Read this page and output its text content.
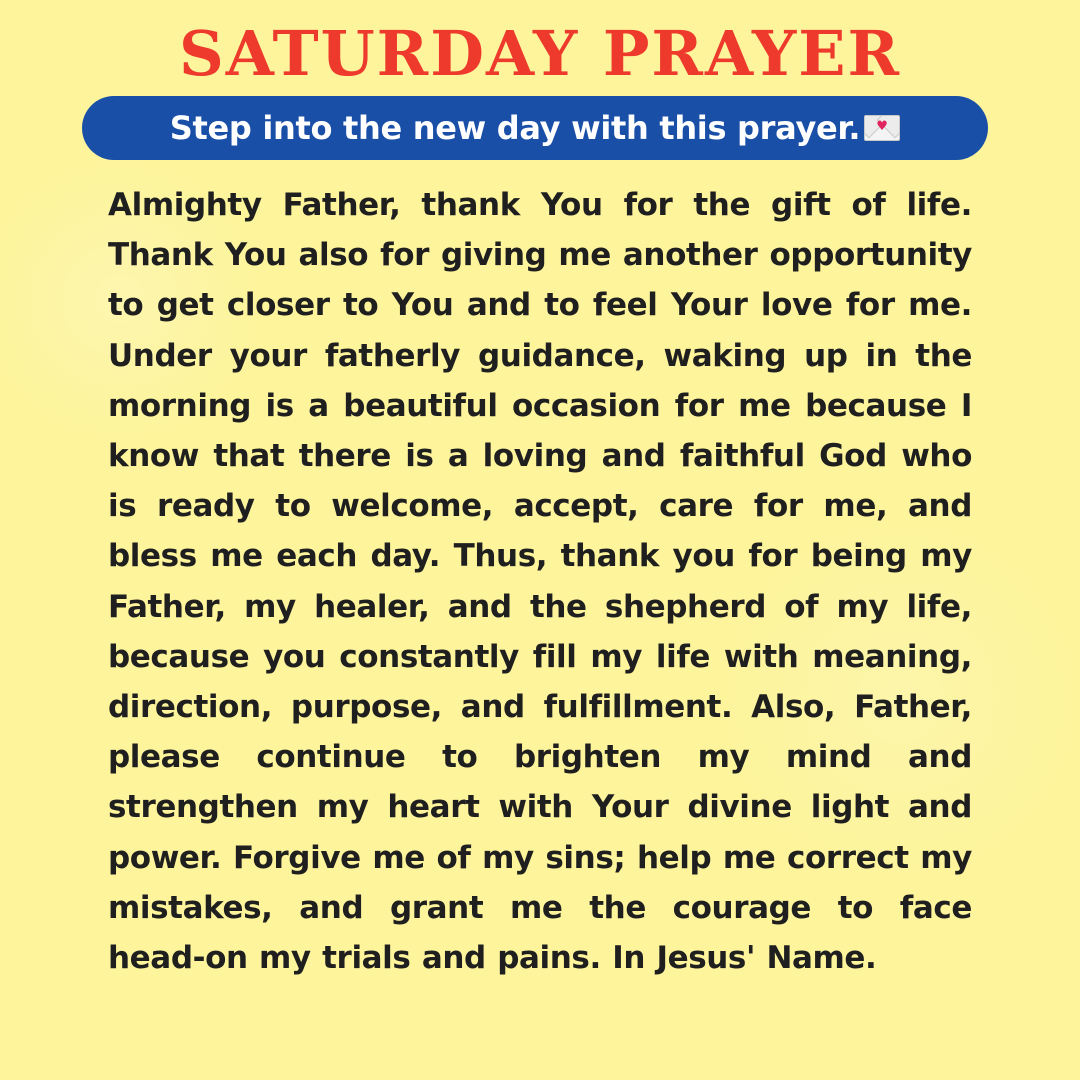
SATURDAY PRAYER
Step into the new day with this prayer. ♥

Almighty Father, thank You for the gift of life. Thank You also for giving me another opportunity to get closer to You and to feel Your love for me. Under your fatherly guidance, waking up in the morning is a beautiful occasion for me because I know that there is a loving and faithful God who is ready to welcome, accept, care for me, and bless me each day. Thus, thank you for being my Father, my healer, and the shepherd of my life, because you constantly fill my life with meaning, direction, purpose, and fulfillment. Also, Father, please continue to brighten my mind and strengthen my heart with Your divine light and power. Forgive me of my sins; help me correct my mistakes, and grant me the courage to face head-on my trials and pains. In Jesus' Name.
